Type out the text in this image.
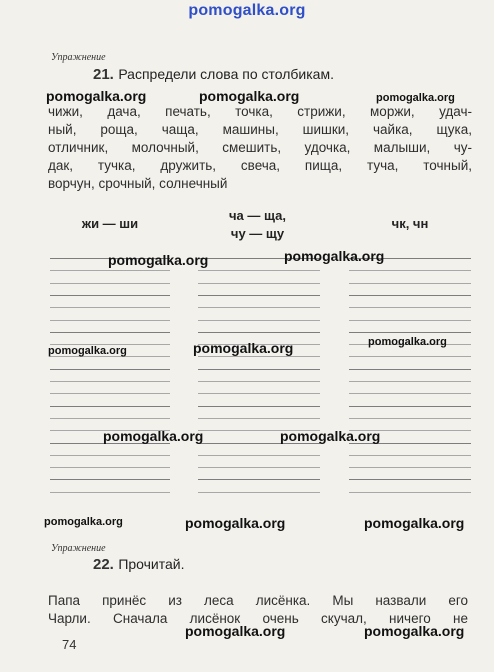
pomogalka.org
Упражнение
21. Распредели слова по столбикам.
чижи, дача, печать, точка, стрижи, моржи, удач-
ный, роща, чаща, машины, шишки, чайка, щука,
отличник, молочный, смешить, удочка, малыши, чу-
дак, тучка, дружить, свеча, пища, туча, точный,
ворчун, срочный, солнечный
жи — ши
ча — ща,
чу — щу
чк, чн
Упражнение
22. Прочитай.
Папа принёс из леса лисёнка. Мы назвали его
Чарли. Сначала лисёнок очень скучал, ничего не
74
pomogalka.org	pomogalka.org	pomogalka.org
pomogalka.org	pomogalka.org
pomogalka.org	pomogalka.org	pomogalka.org
pomogalka.org	pomogalka.org
pomogalka.org	pomogalka.org	pomogalka.org
pomogalka.org	pomogalka.org
